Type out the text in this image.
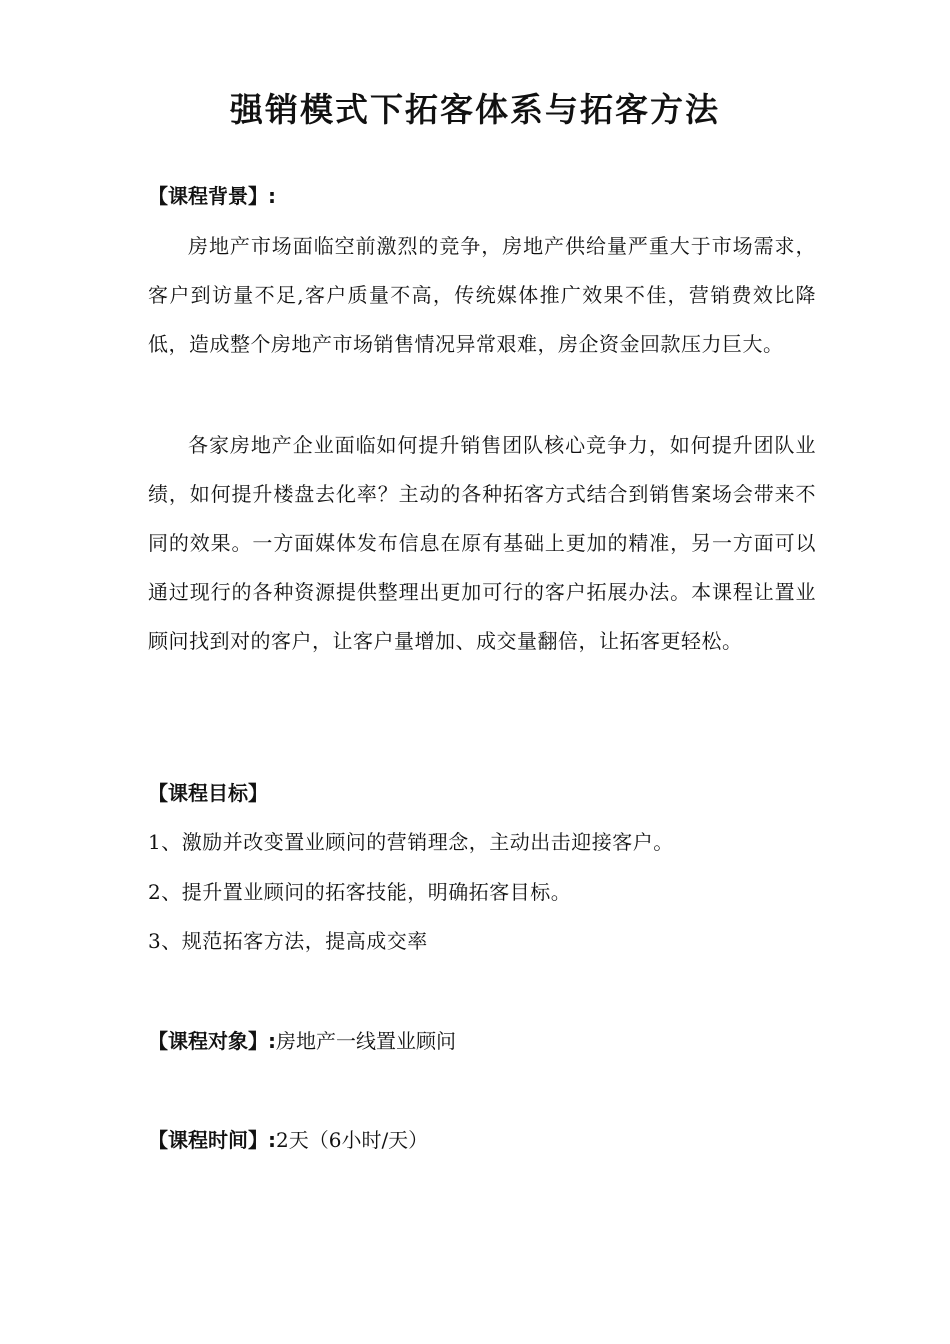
强销模式下拓客体系与拓客方法
【课程背景】:

房地产市场面临空前激烈的竞争，房地产供给量严重大于市场需求，客户到访量不足,客户质量不高，传统媒体推广效果不佳，营销费效比降低，造成整个房地产市场销售情况异常艰难，房企资金回款压力巨大。

各家房地产企业面临如何提升销售团队核心竞争力，如何提升团队业绩，如何提升楼盘去化率？主动的各种拓客方式结合到销售案场会带来不同的效果。一方面媒体发布信息在原有基础上更加的精准，另一方面可以通过现行的各种资源提供整理出更加可行的客户拓展办法。本课程让置业顾问找到对的客户，让客户量增加、成交量翻倍，让拓客更轻松。

【课程目标】

1、激励并改变置业顾问的营销理念，主动出击迎接客户。

2、提升置业顾问的拓客技能，明确拓客目标。

3、规范拓客方法，提高成交率

【课程对象】:房地产一线置业顾问
【课程时间】:2天（6小时/天）
